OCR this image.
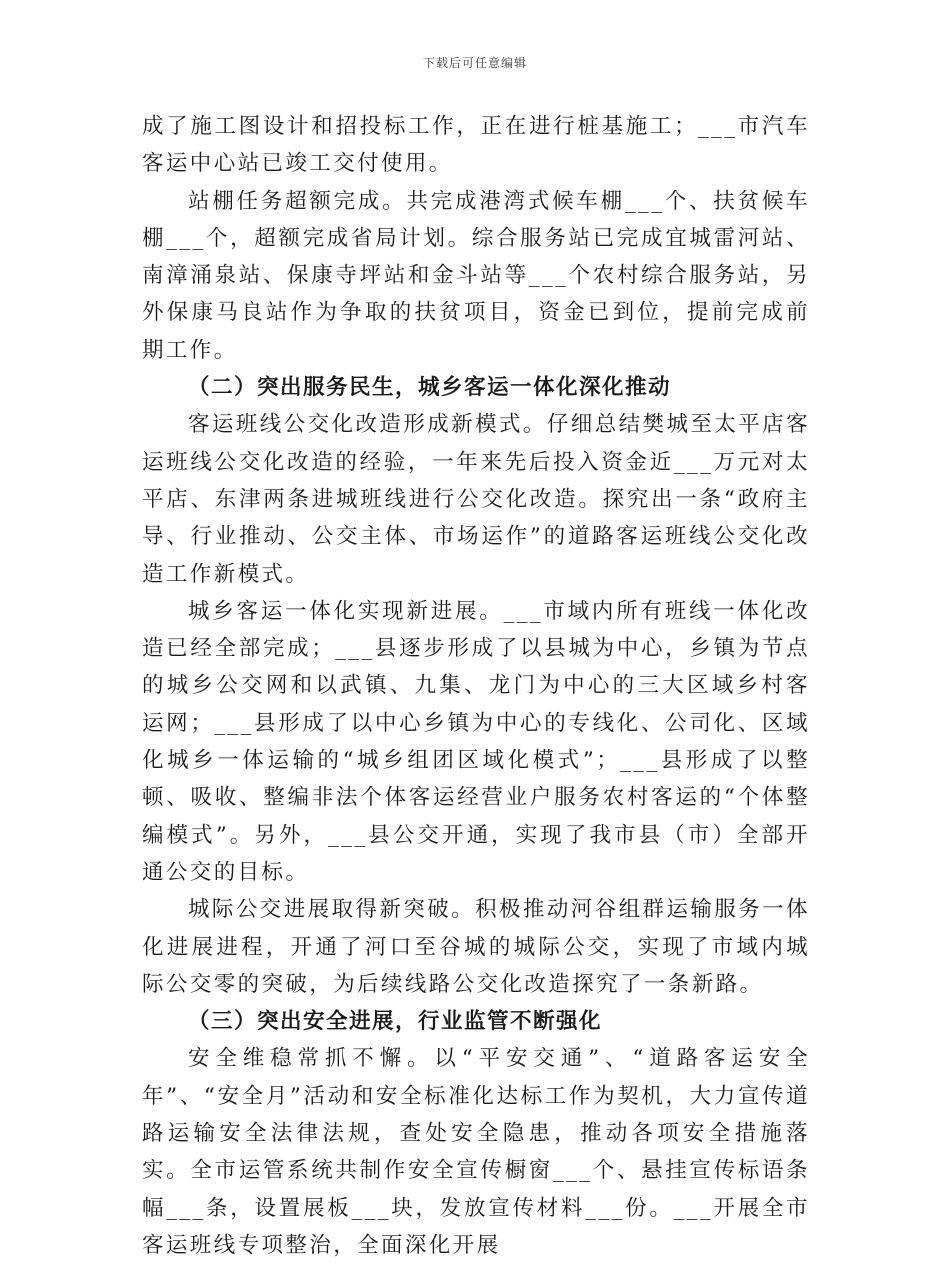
下载后可任意编辑

成了施工图设计和招投标工作，正在进行桩基施工；___市汽车客运中心站已竣工交付使用。

站棚任务超额完成。共完成港湾式候车棚___个、扶贫候车棚___个，超额完成省局计划。综合服务站已完成宜城雷河站、南漳涌泉站、保康寺坪站和金斗站等___个农村综合服务站，另外保康马良站作为争取的扶贫项目，资金已到位，提前完成前期工作。

（二）突出服务民生，城乡客运一体化深化推动

客运班线公交化改造形成新模式。仔细总结樊城至太平店客运班线公交化改造的经验，一年来先后投入资金近___万元对太平店、东津两条进城班线进行公交化改造。探究出一条“政府主导、行业推动、公交主体、市场运作”的道路客运班线公交化改造工作新模式。

城乡客运一体化实现新进展。___市域内所有班线一体化改造已经全部完成；___县逐步形成了以县城为中心，乡镇为节点的城乡公交网和以武镇、九集、龙门为中心的三大区域乡村客运网；___县形成了以中心乡镇为中心的专线化、公司化、区域化城乡一体运输的“城乡组团区域化模式”；___县形成了以整顿、吸收、整编非法个体客运经营业户服务农村客运的“个体整编模式”。另外，___县公交开通，实现了我市县（市）全部开通公交的目标。

城际公交进展取得新突破。积极推动河谷组群运输服务一体化进展进程，开通了河口至谷城的城际公交，实现了市域内城际公交零的突破，为后续线路公交化改造探究了一条新路。

（三）突出安全进展，行业监管不断强化

安全维稳常抓不懈。以“平安交通”、“道路客运安全年”、“安全月”活动和安全标准化达标工作为契机，大力宣传道路运输安全法律法规，查处安全隐患，推动各项安全措施落实。全市运管系统共制作安全宣传橱窗___个、悬挂宣传标语条幅___条，设置展板___块，发放宣传材料___份。___开展全市客运班线专项整治，全面深化开展
